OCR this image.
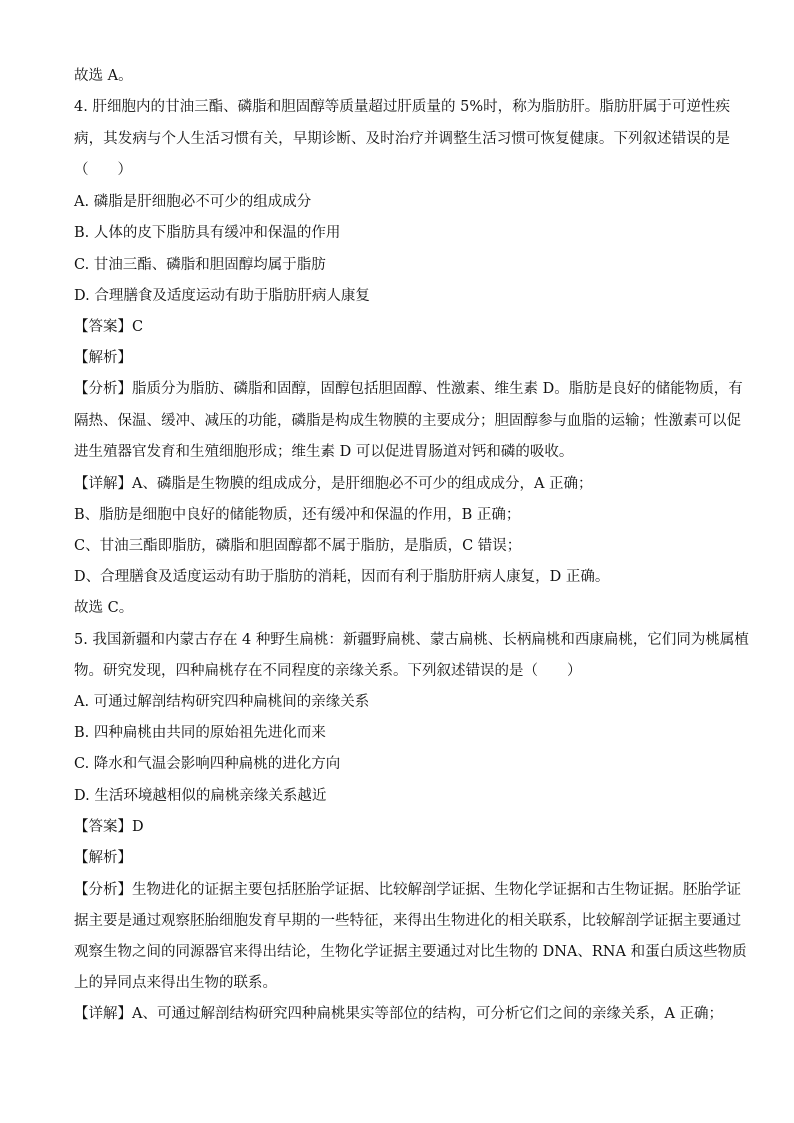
故选 A。
4. 肝细胞内的甘油三酯、磷脂和胆固醇等质量超过肝质量的 5%时，称为脂肪肝。脂肪肝属于可逆性疾
病，其发病与个人生活习惯有关，早期诊断、及时治疗并调整生活习惯可恢复健康。下列叙述错误的是
（　　）
A. 磷脂是肝细胞必不可少的组成成分
B. 人体的皮下脂肪具有缓冲和保温的作用
C. 甘油三酯、磷脂和胆固醇均属于脂肪
D. 合理膳食及适度运动有助于脂肪肝病人康复
【答案】C
【解析】
【分析】脂质分为脂肪、磷脂和固醇，固醇包括胆固醇、性激素、维生素 D。脂肪是良好的储能物质，有
隔热、保温、缓冲、减压的功能，磷脂是构成生物膜的主要成分；胆固醇参与血脂的运输；性激素可以促
进生殖器官发育和生殖细胞形成；维生素 D 可以促进胃肠道对钙和磷的吸收。
【详解】A、磷脂是生物膜的组成成分，是肝细胞必不可少的组成成分，A 正确；
B、脂肪是细胞中良好的储能物质，还有缓冲和保温的作用，B 正确；
C、甘油三酯即脂肪，磷脂和胆固醇都不属于脂肪，是脂质，C 错误；
D、合理膳食及适度运动有助于脂肪的消耗，因而有利于脂肪肝病人康复，D 正确。
故选 C。
5. 我国新疆和内蒙古存在 4 种野生扁桃：新疆野扁桃、蒙古扁桃、长柄扁桃和西康扁桃，它们同为桃属植
物。研究发现，四种扁桃存在不同程度的亲缘关系。下列叙述错误的是（　　）
A. 可通过解剖结构研究四种扁桃间的亲缘关系
B. 四种扁桃由共同的原始祖先进化而来
C. 降水和气温会影响四种扁桃的进化方向
D. 生活环境越相似的扁桃亲缘关系越近
【答案】D
【解析】
【分析】生物进化的证据主要包括胚胎学证据、比较解剖学证据、生物化学证据和古生物证据。胚胎学证
据主要是通过观察胚胎细胞发育早期的一些特征，来得出生物进化的相关联系，比较解剖学证据主要通过
观察生物之间的同源器官来得出结论，生物化学证据主要通过对比生物的 DNA、RNA 和蛋白质这些物质
上的异同点来得出生物的联系。
【详解】A、可通过解剖结构研究四种扁桃果实等部位的结构，可分析它们之间的亲缘关系，A 正确；
